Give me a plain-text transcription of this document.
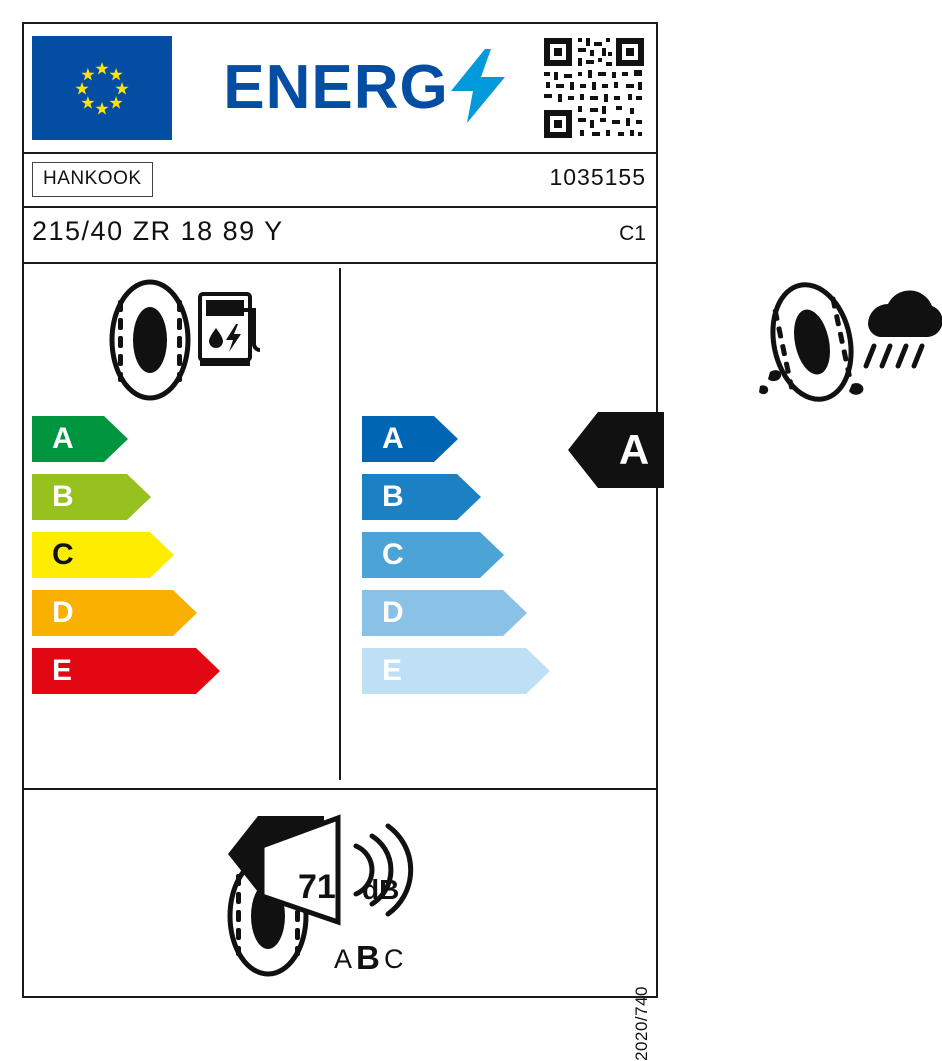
ENERG
HANKOOK	1035155
215/40 ZR 18 89 Y	C1
A
B
C
D
E
A
B
C
D
E
A
71 dB
A B C
2020/740
